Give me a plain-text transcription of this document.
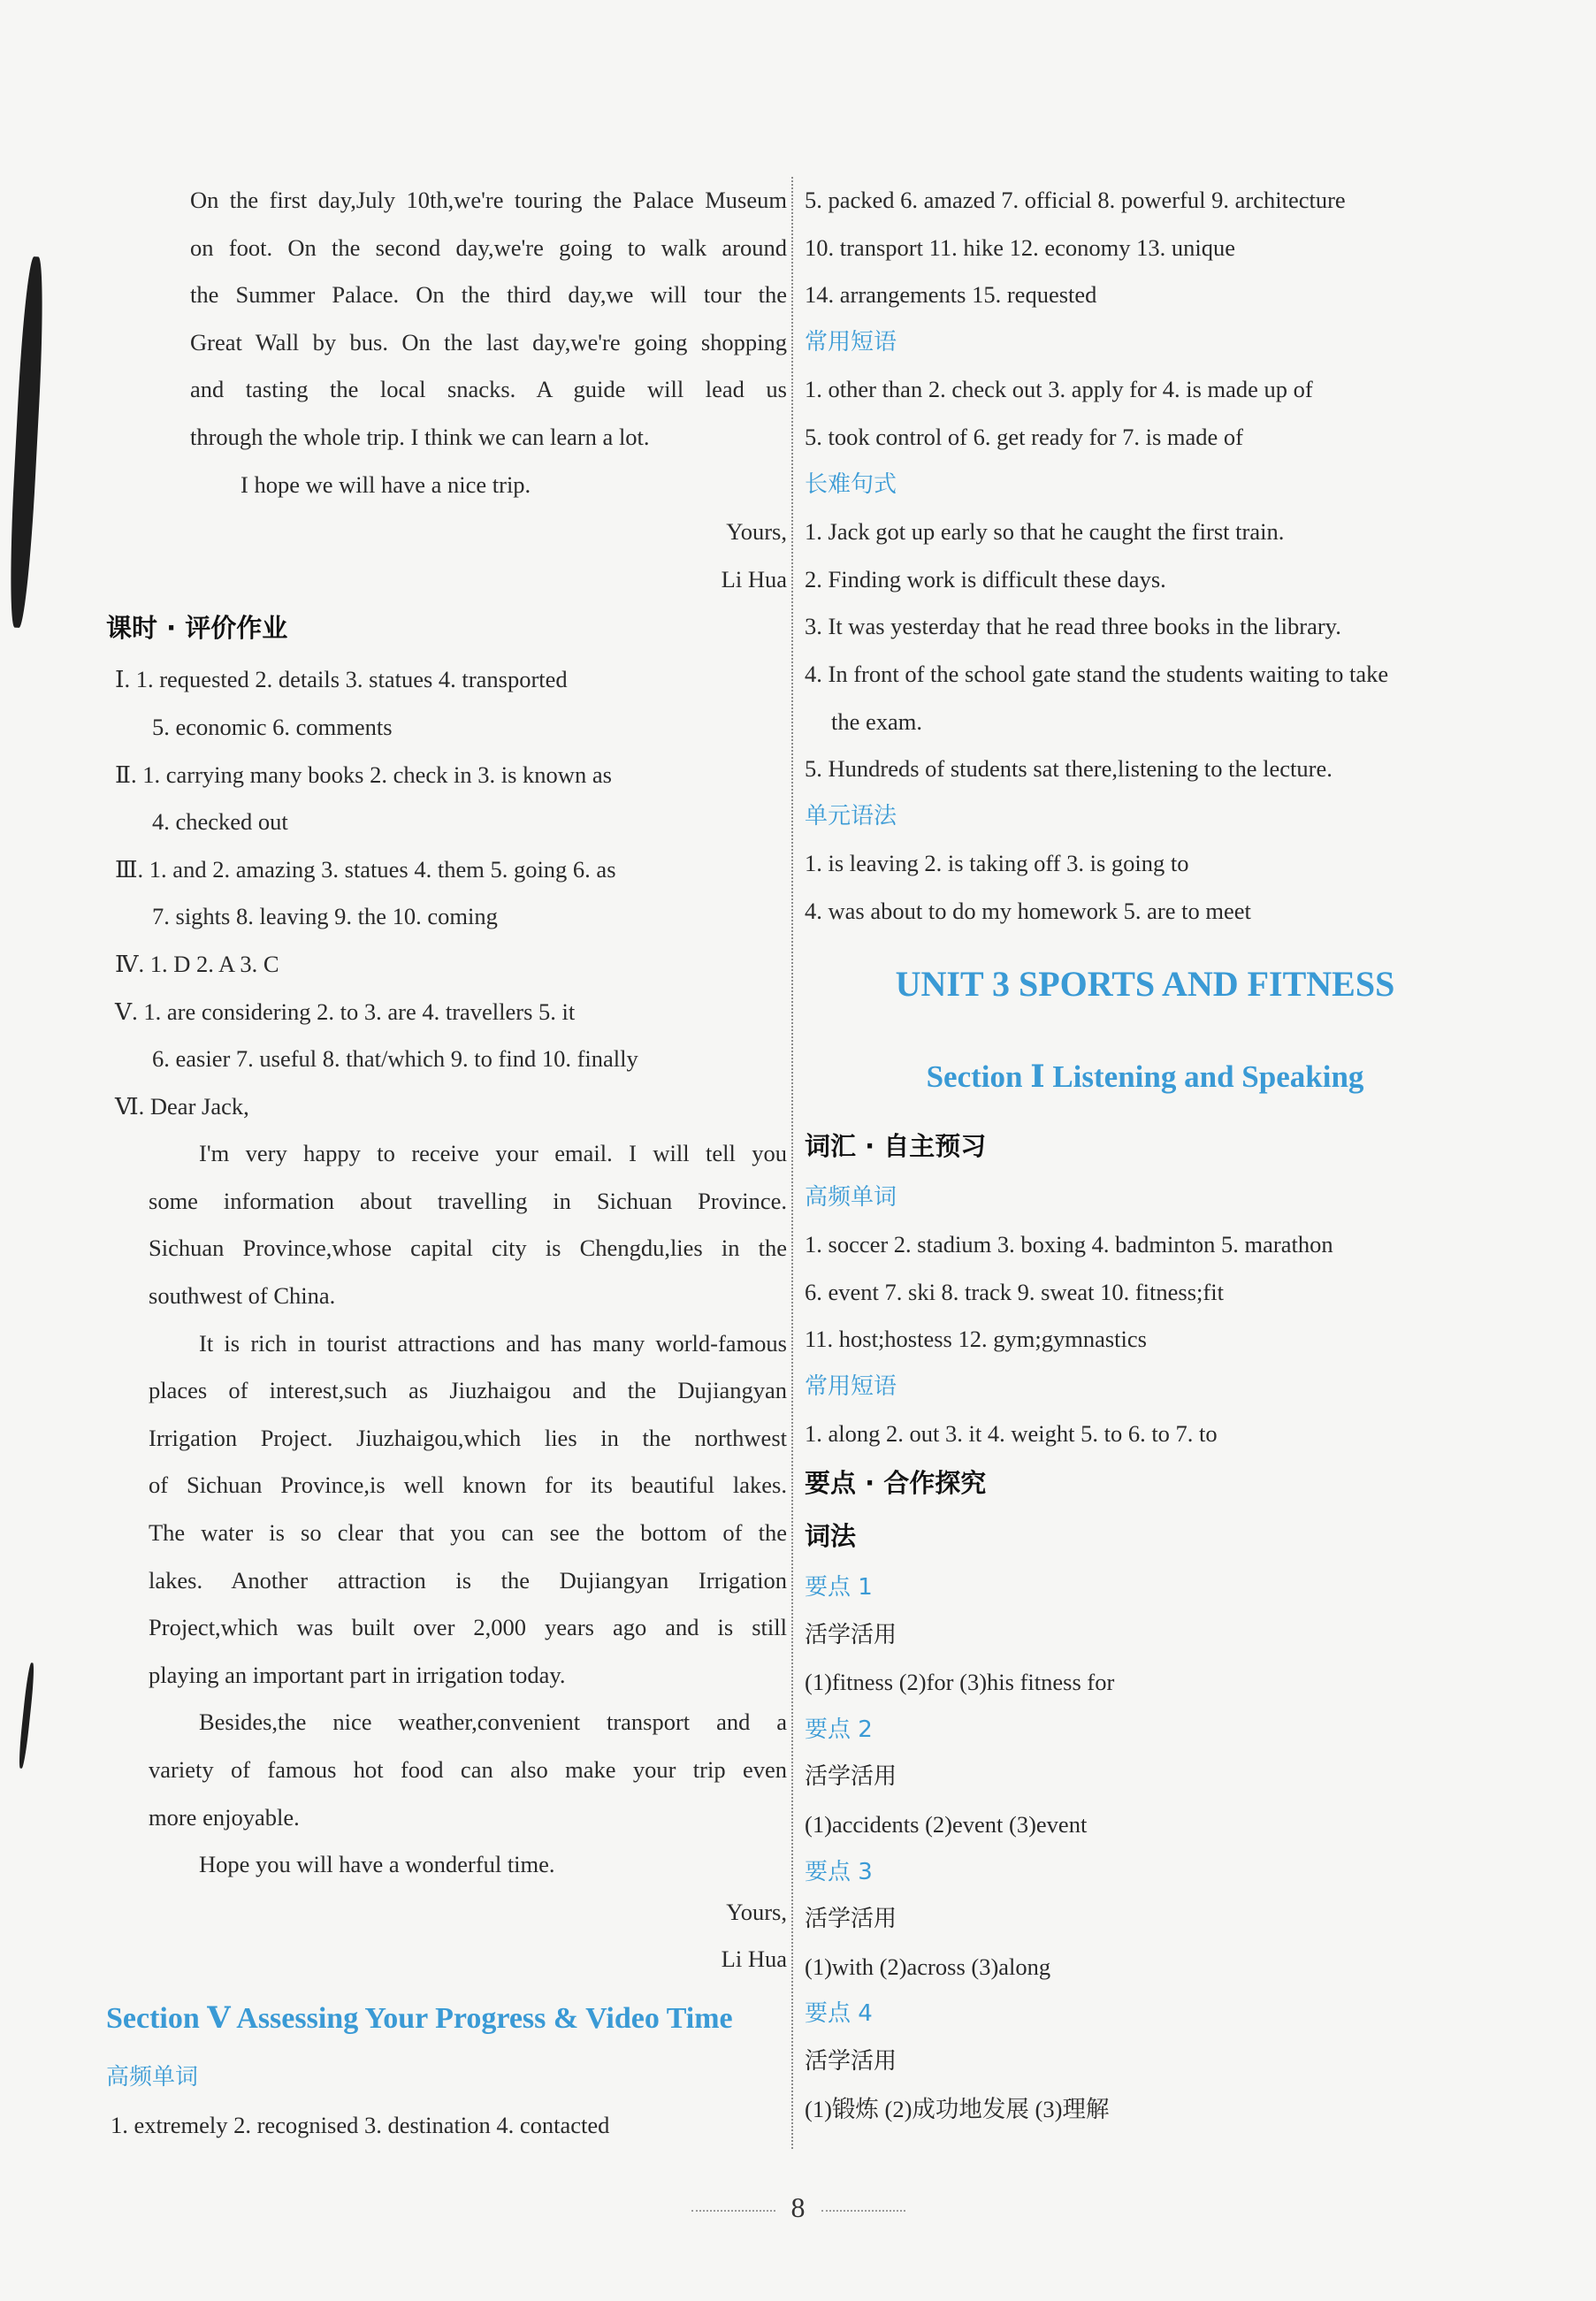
On the first day,July 10th,we're touring the Palace Museum
on foot. On the second day,we're going to walk around
the Summer Palace. On the third day,we will tour the
Great Wall by bus. On the last day,we're going shopping
and tasting the local snacks. A guide will lead us
through the whole trip. I think we can learn a lot.
I hope we will have a nice trip.
Yours,
Li Hua
课时 · 评价作业
Ⅰ. 1. requested 2. details 3. statues 4. transported
5. economic 6. comments
Ⅱ. 1. carrying many books 2. check in 3. is known as
4. checked out
Ⅲ. 1. and 2. amazing 3. statues 4. them 5. going 6. as
7. sights 8. leaving 9. the 10. coming
Ⅳ. 1. D 2. A 3. C
Ⅴ. 1. are considering 2. to 3. are 4. travellers 5. it
6. easier 7. useful 8. that/which 9. to find 10. finally
Ⅵ. Dear Jack,
I'm very happy to receive your email. I will tell you
some information about travelling in Sichuan Province.
Sichuan Province,whose capital city is Chengdu,lies in the
southwest of China.
It is rich in tourist attractions and has many world-famous
places of interest,such as Jiuzhaigou and the Dujiangyan
Irrigation Project. Jiuzhaigou,which lies in the northwest
of Sichuan Province,is well known for its beautiful lakes.
The water is so clear that you can see the bottom of the
lakes. Another attraction is the Dujiangyan Irrigation
Project,which was built over 2,000 years ago and is still
playing an important part in irrigation today.
Besides,the nice weather,convenient transport and a
variety of famous hot food can also make your trip even
more enjoyable.
Hope you will have a wonderful time.
Yours,
Li Hua
Section Ⅴ Assessing Your Progress & Video Time
高频单词
1. extremely 2. recognised 3. destination 4. contacted
5. packed 6. amazed 7. official 8. powerful 9. architecture
10. transport 11. hike 12. economy 13. unique
14. arrangements 15. requested
常用短语
1. other than 2. check out 3. apply for 4. is made up of
5. took control of 6. get ready for 7. is made of
长难句式
1. Jack got up early so that he caught the first train.
2. Finding work is difficult these days.
3. It was yesterday that he read three books in the library.
4. In front of the school gate stand the students waiting to take
the exam.
5. Hundreds of students sat there,listening to the lecture.
单元语法
1. is leaving 2. is taking off 3. is going to
4. was about to do my homework 5. are to meet
UNIT 3 SPORTS AND FITNESS
Section Ⅰ Listening and Speaking
词汇 · 自主预习
高频单词
1. soccer 2. stadium 3. boxing 4. badminton 5. marathon
6. event 7. ski 8. track 9. sweat 10. fitness;fit
11. host;hostess 12. gym;gymnastics
常用短语
1. along 2. out 3. it 4. weight 5. to 6. to 7. to
要点 · 合作探究
词法
要点 1
活学活用
(1)fitness (2)for (3)his fitness for
要点 2
活学活用
(1)accidents (2)event (3)event
要点 3
活学活用
(1)with (2)across (3)along
要点 4
活学活用
(1)锻炼 (2)成功地发展 (3)理解
8
